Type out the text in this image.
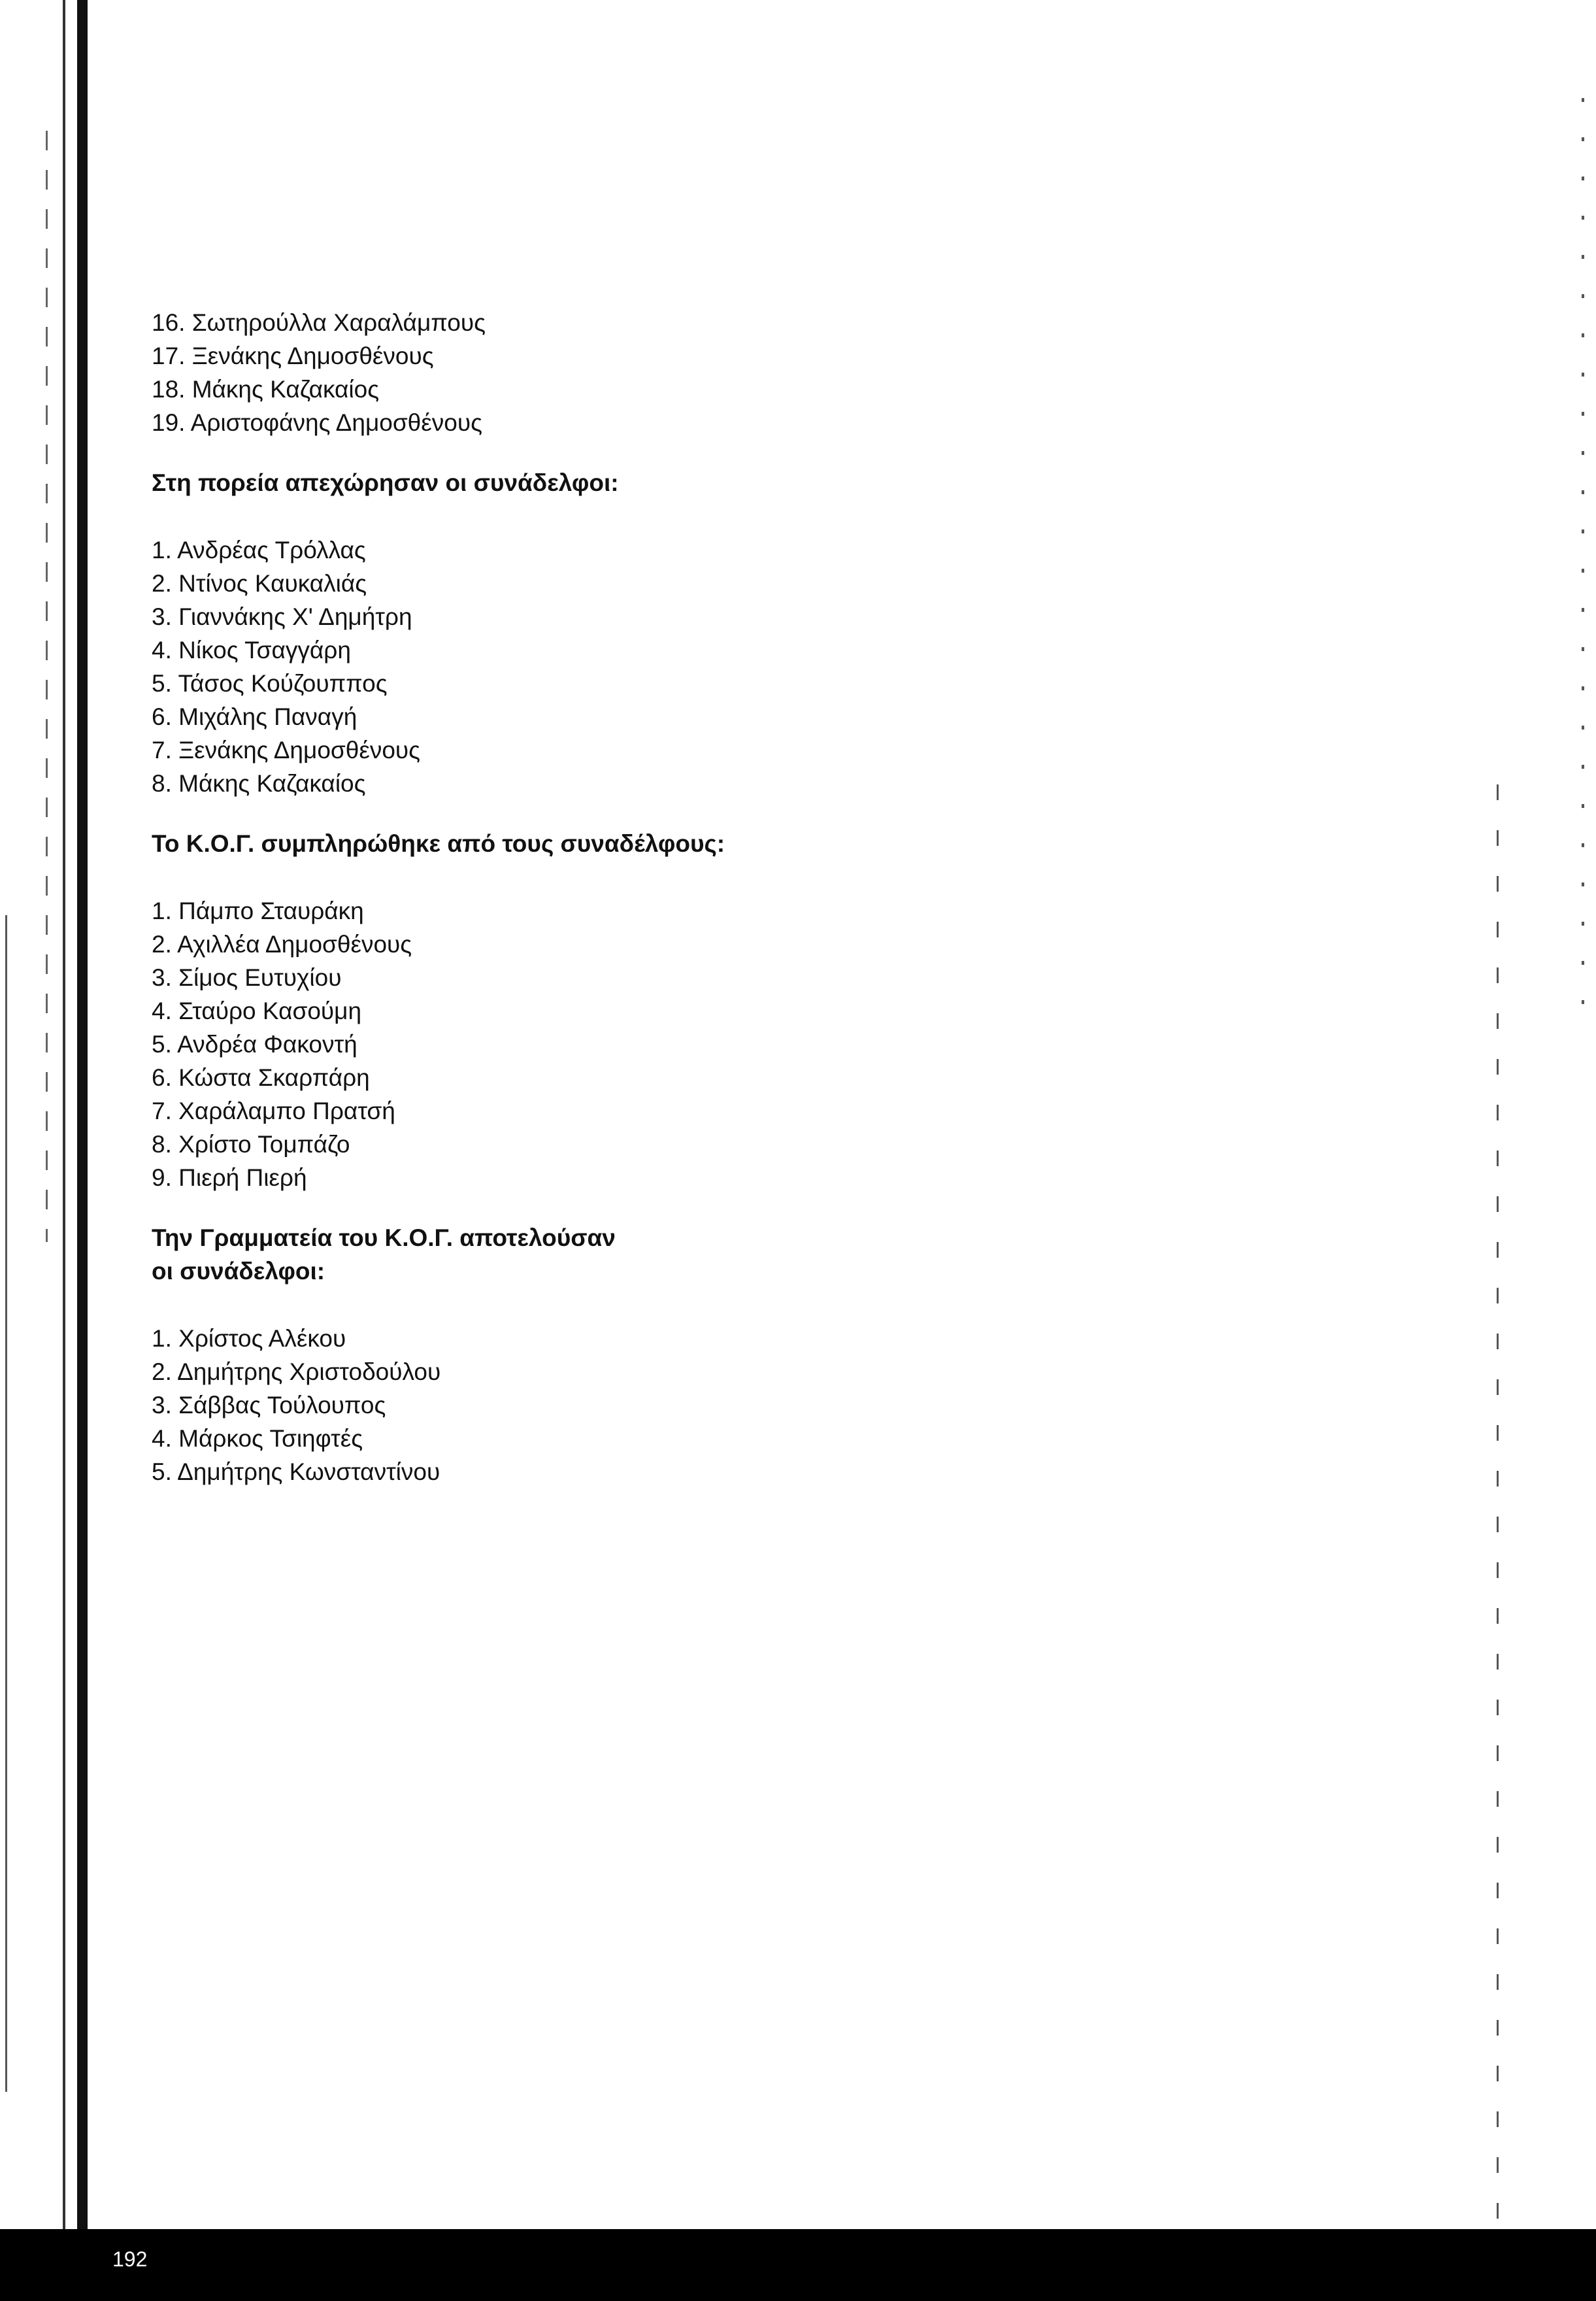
16. Σωτηρούλλα Χαραλάμπους
17. Ξενάκης Δημοσθένους
18. Μάκης Καζακαίος
19. Αριστοφάνης Δημοσθένους
Στη πορεία απεχώρησαν οι συνάδελφοι:
1. Ανδρέας Τρόλλας
2. Ντίνος Καυκαλιάς
3. Γιαννάκης Χ' Δημήτρη
4. Νίκος Τσαγγάρη
5. Τάσος Κούζουππος
6. Μιχάλης Παναγή
7. Ξενάκης Δημοσθένους
8. Μάκης Καζακαίος
Το Κ.Ο.Γ. συμπληρώθηκε από τους συναδέλφους:
1. Πάμπο Σταυράκη
2. Αχιλλέα Δημοσθένους
3. Σίμος Ευτυχίου
4. Σταύρο Κασούμη
5. Ανδρέα Φακοντή
6. Κώστα Σκαρπάρη
7. Χαράλαμπο Πρατσή
8. Χρίστο Τομπάζο
9. Πιερή Πιερή
Την Γραμματεία του Κ.Ο.Γ. αποτελούσαν
οι συνάδελφοι:
1. Χρίστος Αλέκου
2. Δημήτρης Χριστοδούλου
3. Σάββας Τούλουπος
4. Μάρκος Τσιηφτές
5. Δημήτρης Κωνσταντίνου
192
